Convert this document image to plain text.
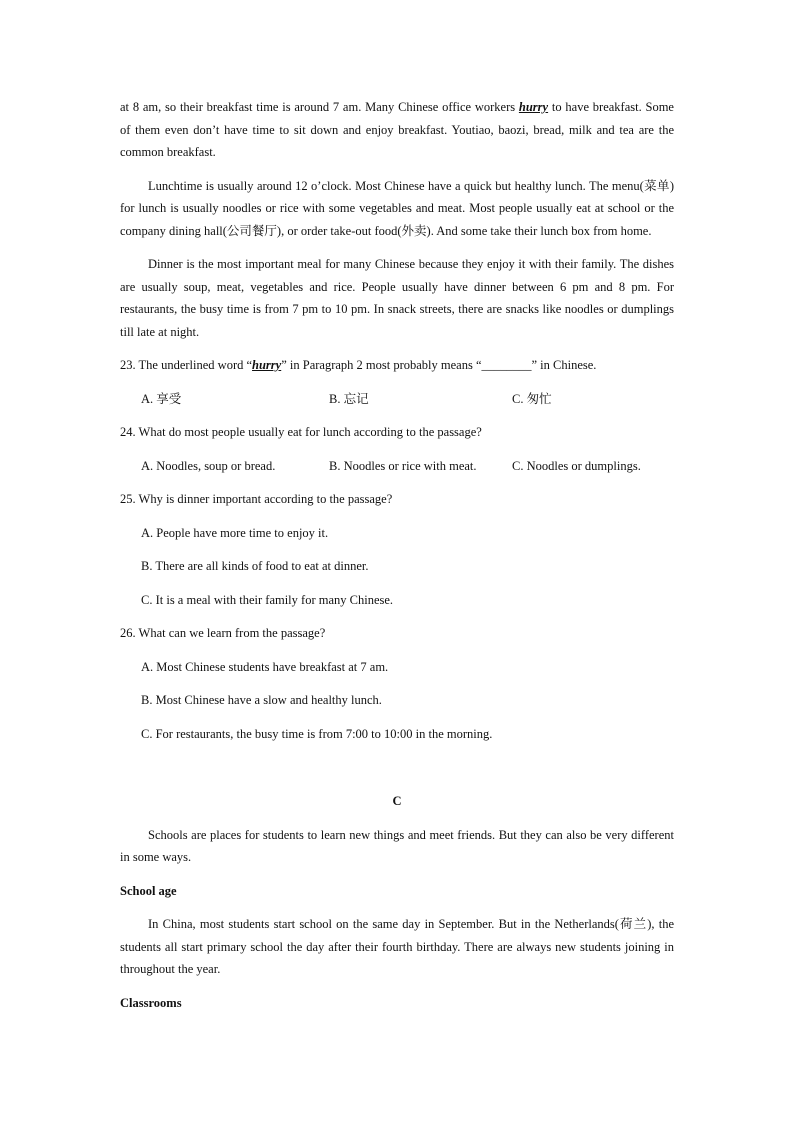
at 8 am, so their breakfast time is around 7 am. Many Chinese office workers hurry to have breakfast. Some of them even don’t have time to sit down and enjoy breakfast. Youtiao, baozi, bread, milk and tea are the common breakfast.

Lunchtime is usually around 12 o’clock. Most Chinese have a quick but healthy lunch. The menu(菜单) for lunch is usually noodles or rice with some vegetables and meat. Most people usually eat at school or the company dining hall(公司餐厅), or order take-out food(外卖). And some take their lunch box from home.

Dinner is the most important meal for many Chinese because they enjoy it with their family. The dishes are usually soup, meat, vegetables and rice. People usually have dinner between 6 pm and 8 pm. For restaurants, the busy time is from 7 pm to 10 pm. In snack streets, there are snacks like noodles or dumplings till late at night.

23. The underlined word “hurry” in Paragraph 2 most probably means “________” in Chinese.

A. 享受	B. 忘记	C. 匆忙

24. What do most people usually eat for lunch according to the passage?

A. Noodles, soup or bread.	B. Noodles or rice with meat.	C. Noodles or dumplings.

25. Why is dinner important according to the passage?

A. People have more time to enjoy it.

B. There are all kinds of food to eat at dinner.

C. It is a meal with their family for many Chinese.

26. What can we learn from the passage?

A. Most Chinese students have breakfast at 7 am.

B. Most Chinese have a slow and healthy lunch.

C. For restaurants, the busy time is from 7:00 to 10:00 in the morning.

C

Schools are places for students to learn new things and meet friends. But they can also be very different in some ways.

School age

In China, most students start school on the same day in September. But in the Netherlands(荷兰), the students all start primary school the day after their fourth birthday. There are always new students joining in throughout the year.

Classrooms
